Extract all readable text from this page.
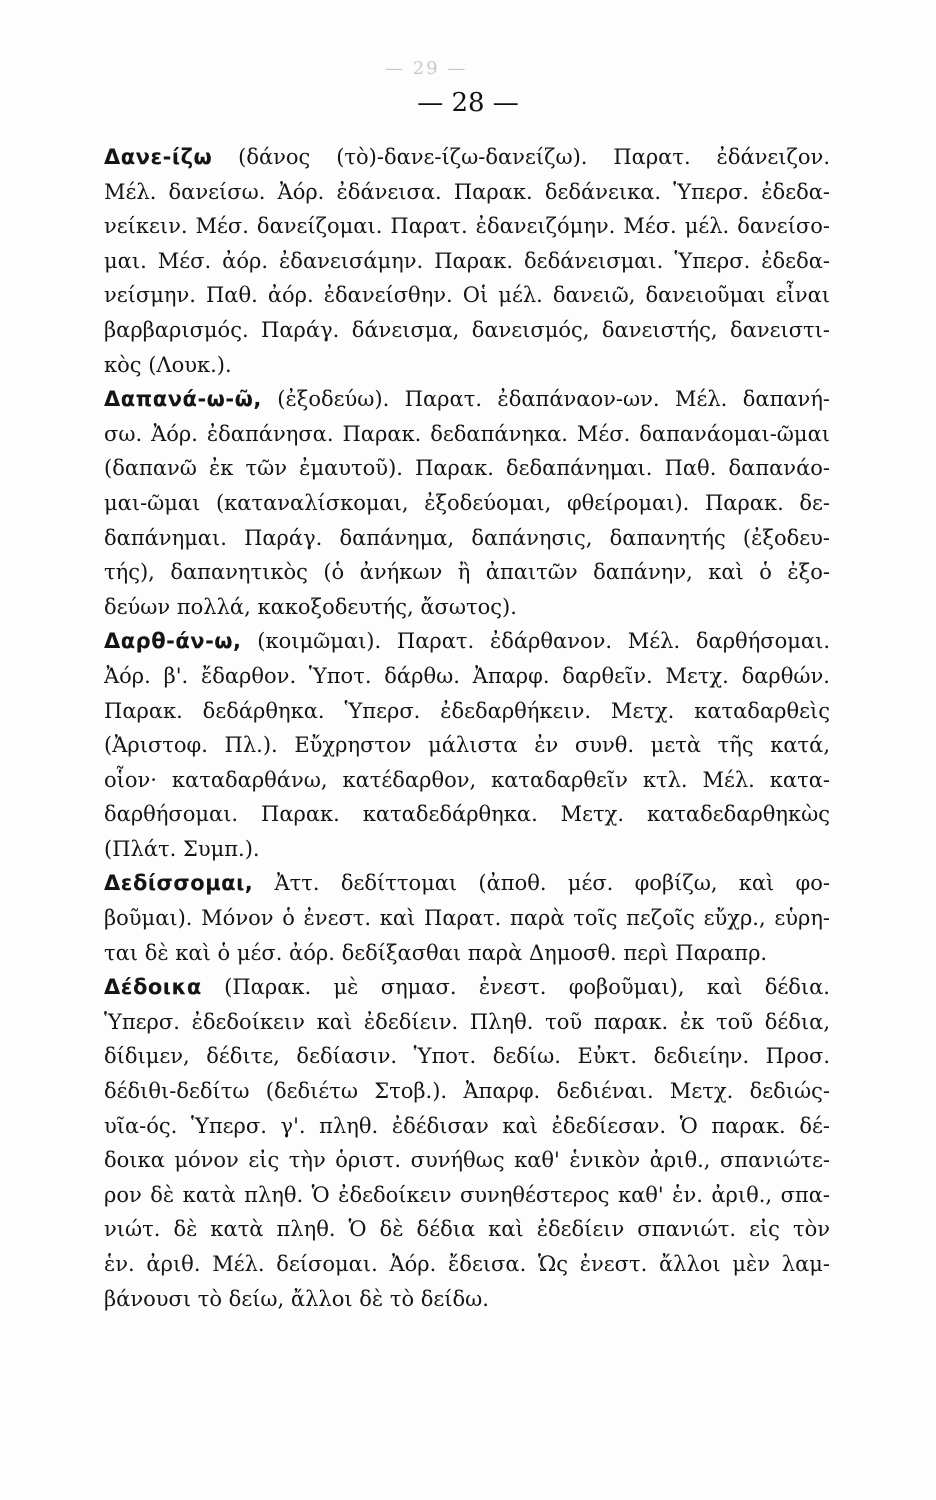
— 29 —
— 28 —
Δανε-ίζω (δάνος (τὸ)-δανε-ίζω-δανείζω). Παρατ. ἐδάνειζον.
Μέλ. δανείσω. Ἀόρ. ἐδάνεισα. Παρακ. δεδάνεικα. Ὑπερσ. ἐδεδα-
νείκειν. Μέσ. δανείζομαι. Παρατ. ἐδανειζόμην. Μέσ. μέλ. δανείσο-
μαι. Μέσ. ἀόρ. ἐδανεισάμην. Παρακ. δεδάνεισμαι. Ὑπερσ. ἐδεδα-
νείσμην. Παθ. ἀόρ. ἐδανείσθην. Οἱ μέλ. δανειῶ, δανειοῦμαι εἶναι
βαρβαρισμός. Παράγ. δάνεισμα, δανεισμός, δανειστής, δανειστι-
κὸς (Λουκ.).
Δαπανά-ω-ῶ, (ἐξοδεύω). Παρατ. ἐδαπάναον-ων. Μέλ. δαπανή-
σω. Ἀόρ. ἐδαπάνησα. Παρακ. δεδαπάνηκα. Μέσ. δαπανάομαι-ῶμαι
(δαπανῶ ἐκ τῶν ἐμαυτοῦ). Παρακ. δεδαπάνημαι. Παθ. δαπανάο-
μαι-ῶμαι (καταναλίσκομαι, ἐξοδεύομαι, φθείρομαι). Παρακ. δε-
δαπάνημαι. Παράγ. δαπάνημα, δαπάνησις, δαπανητής (ἐξοδευ-
τής), δαπανητικὸς (ὁ ἀνήκων ἢ ἀπαιτῶν δαπάνην, καὶ ὁ ἐξο-
δεύων πολλά, κακοξοδευτής, ἄσωτος).
Δαρθ-άν-ω, (κοιμῶμαι). Παρατ. ἐδάρθανον. Μέλ. δαρθήσομαι.
Ἀόρ. β'. ἔδαρθον. Ὑποτ. δάρθω. Ἀπαρφ. δαρθεῖν. Μετχ. δαρθών.
Παρακ. δεδάρθηκα. Ὑπερσ. ἐδεδαρθήκειν. Μετχ. καταδαρθεὶς
(Ἀριστοφ. Πλ.). Εὔχρηστον μάλιστα ἐν συνθ. μετὰ τῆς κατά,
οἷον· καταδαρθάνω, κατέδαρθον, καταδαρθεῖν κτλ. Μέλ. κατα-
δαρθήσομαι. Παρακ. καταδεδάρθηκα. Μετχ. καταδεδαρθηκὼς
(Πλάτ. Συμπ.).
Δεδίσσομαι, Ἀττ. δεδίττομαι (ἀποθ. μέσ. φοβίζω, καὶ φο-
βοῦμαι). Μόνον ὁ ἐνεστ. καὶ Παρατ. παρὰ τοῖς πεζοῖς εὔχρ., εὑρη-
ται δὲ καὶ ὁ μέσ. ἀόρ. δεδίξασθαι παρὰ Δημοσθ. περὶ Παραπρ.
Δέδοικα (Παρακ. μὲ σημασ. ἐνεστ. φοβοῦμαι), καὶ δέδια.
Ὑπερσ. ἐδεδοίκειν καὶ ἐδεδίειν. Πληθ. τοῦ παρακ. ἐκ τοῦ δέδια,
δίδιμεν, δέδιτε, δεδίασιν. Ὑποτ. δεδίω. Εὐκτ. δεδιείην. Προσ.
δέδιθι-δεδίτω (δεδιέτω Στοβ.). Ἀπαρφ. δεδιέναι. Μετχ. δεδιώς-
υῖα-ός. Ὑπερσ. γ'. πληθ. ἐδέδισαν καὶ ἐδεδίεσαν. Ὁ παρακ. δέ-
δοικα μόνον εἰς τὴν ὁριστ. συνήθως καθ' ἑνικὸν ἀριθ., σπανιώτε-
ρον δὲ κατὰ πληθ. Ὁ ἐδεδοίκειν συνηθέστερος καθ' ἑν. ἀριθ., σπα-
νιώτ. δὲ κατὰ πληθ. Ὁ δὲ δέδια καὶ ἐδεδίειν σπανιώτ. εἰς τὸν
ἑν. ἀριθ. Μέλ. δείσομαι. Ἀόρ. ἔδεισα. Ὡς ἐνεστ. ἄλλοι μὲν λαμ-
βάνουσι τὸ δείω, ἄλλοι δὲ τὸ δείδω.
